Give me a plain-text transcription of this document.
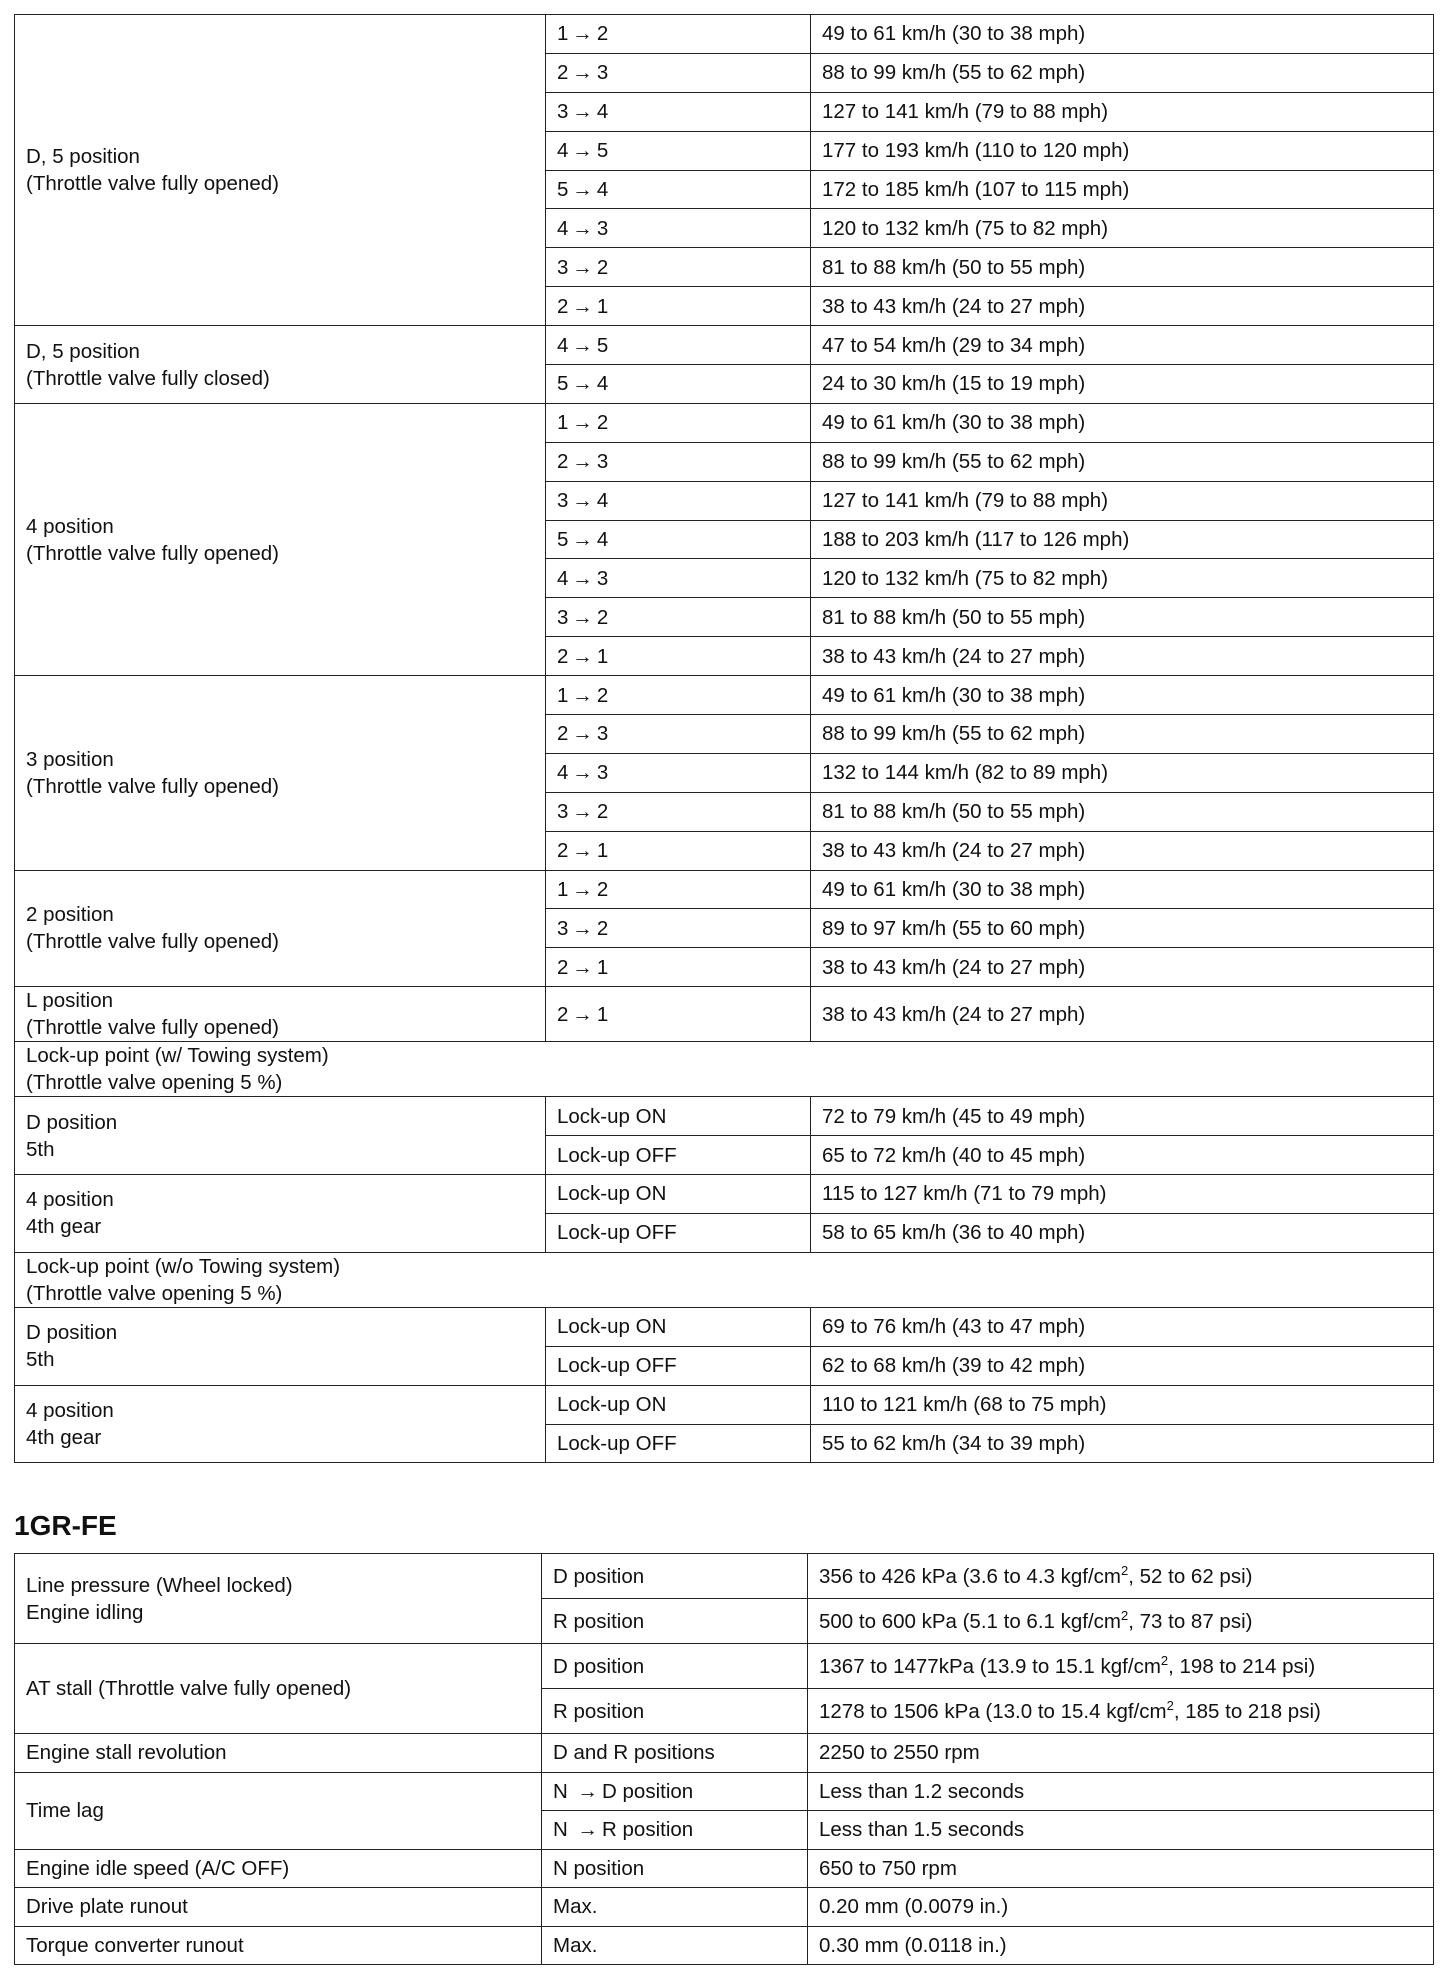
D, 5 position
(Throttle valve fully opened)	1 → 2	49 to 61 km/h (30 to 38 mph)
	2 → 3	88 to 99 km/h (55 to 62 mph)
	3 → 4	127 to 141 km/h (79 to 88 mph)
	4 → 5	177 to 193 km/h (110 to 120 mph)
	5 → 4	172 to 185 km/h (107 to 115 mph)
	4 → 3	120 to 132 km/h (75 to 82 mph)
	3 → 2	81 to 88 km/h (50 to 55 mph)
	2 → 1	38 to 43 km/h (24 to 27 mph)

D, 5 position
(Throttle valve fully closed)	4 → 5	47 to 54 km/h (29 to 34 mph)
	5 → 4	24 to 30 km/h (15 to 19 mph)

4 position
(Throttle valve fully opened)	1 → 2	49 to 61 km/h (30 to 38 mph)
	2 → 3	88 to 99 km/h (55 to 62 mph)
	3 → 4	127 to 141 km/h (79 to 88 mph)
	5 → 4	188 to 203 km/h (117 to 126 mph)
	4 → 3	120 to 132 km/h (75 to 82 mph)
	3 → 2	81 to 88 km/h (50 to 55 mph)
	2 → 1	38 to 43 km/h (24 to 27 mph)

3 position
(Throttle valve fully opened)	1 → 2	49 to 61 km/h (30 to 38 mph)
	2 → 3	88 to 99 km/h (55 to 62 mph)
	4 → 3	132 to 144 km/h (82 to 89 mph)
	3 → 2	81 to 88 km/h (50 to 55 mph)
	2 → 1	38 to 43 km/h (24 to 27 mph)

2 position
(Throttle valve fully opened)	1 → 2	49 to 61 km/h (30 to 38 mph)
	3 → 2	89 to 97 km/h (55 to 60 mph)
	2 → 1	38 to 43 km/h (24 to 27 mph)

L position
(Throttle valve fully opened)	2 → 1	38 to 43 km/h (24 to 27 mph)

Lock-up point (w/ Towing system)
(Throttle valve opening 5 %)		

D position
5th	Lock-up ON	72 to 79 km/h (45 to 49 mph)
	Lock-up OFF	65 to 72 km/h (40 to 45 mph)

4 position
4th gear	Lock-up ON	115 to 127 km/h (71 to 79 mph)
	Lock-up OFF	58 to 65 km/h (36 to 40 mph)

Lock-up point (w/o Towing system)
(Throttle valve opening 5 %)		

D position
5th	Lock-up ON	69 to 76 km/h (43 to 47 mph)
	Lock-up OFF	62 to 68 km/h (39 to 42 mph)

4 position
4th gear	Lock-up ON	110 to 121 km/h (68 to 75 mph)
	Lock-up OFF	55 to 62 km/h (34 to 39 mph)
1GR-FE
Line pressure (Wheel locked)
Engine idling	D position	356 to 426 kPa (3.6 to 4.3 kgf/$cm^2$, 52 to 62 psi)
	R position	500 to 600 kPa (5.1 to 6.1 kgf/$cm^2$, 73 to 87 psi)
AT stall (Throttle valve fully opened)	D position	1367 to 1477kPa (13.9 to 15.1 kgf/$cm^2$, 198 to 214 psi)
	R position	1278 to 1506 kPa (13.0 to 15.4 kgf/$cm^2$, 185 to 218 psi)
Engine stall revolution	D and R positions	2250 to 2550 rpm
Time lag	N → D position	Less than 1.2 seconds
	N → R position	Less than 1.5 seconds
Engine idle speed (A/C OFF)	N position	650 to 750 rpm
Drive plate runout	Max.	0.20 mm (0.0079 in.)
Torque converter runout	Max.	0.30 mm (0.0118 in.)
